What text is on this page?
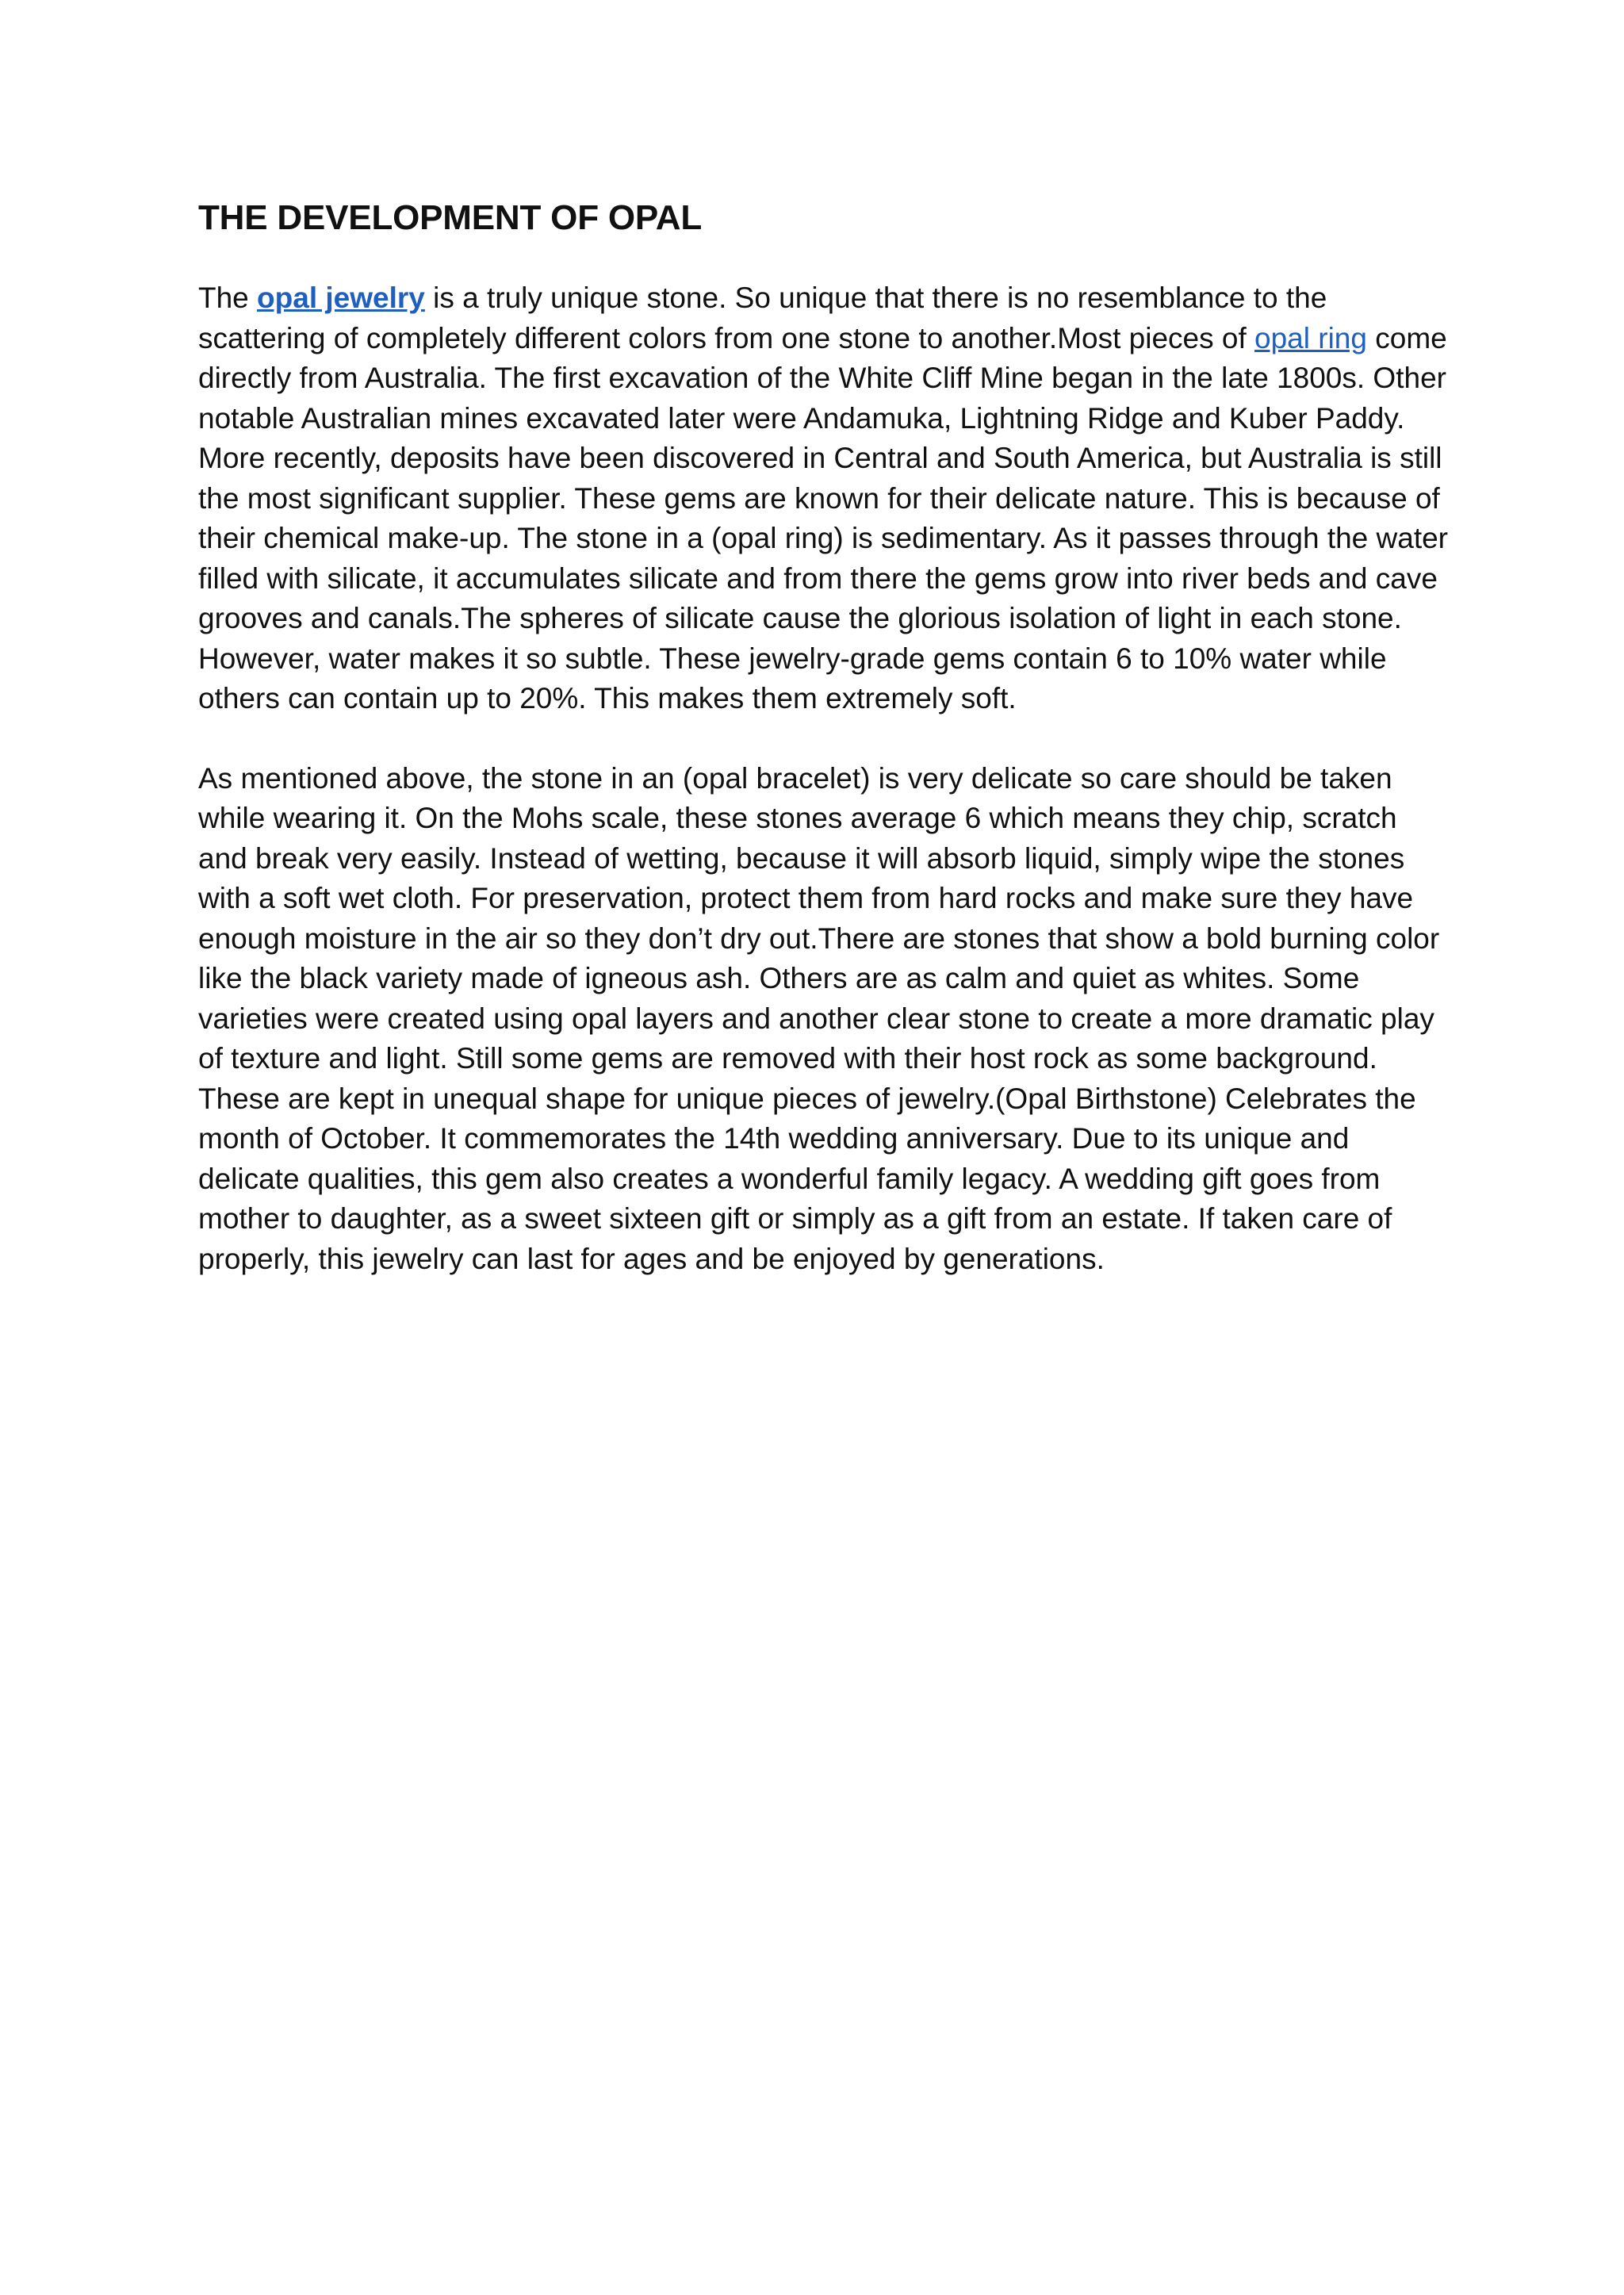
THE DEVELOPMENT OF OPAL

The opal jewelry is a truly unique stone. So unique that there is no resemblance to the scattering of completely different colors from one stone to another.Most pieces of opal ring come directly from Australia. The first excavation of the White Cliff Mine began in the late 1800s. Other notable Australian mines excavated later were Andamuka, Lightning Ridge and Kuber Paddy. More recently, deposits have been discovered in Central and South America, but Australia is still the most significant supplier. These gems are known for their delicate nature. This is because of their chemical make-up. The stone in a (opal ring) is sedimentary. As it passes through the water filled with silicate, it accumulates silicate and from there the gems grow into river beds and cave grooves and canals.The spheres of silicate cause the glorious isolation of light in each stone. However, water makes it so subtle. These jewelry-grade gems contain 6 to 10% water while others can contain up to 20%. This makes them extremely soft.

As mentioned above, the stone in an (opal bracelet) is very delicate so care should be taken while wearing it. On the Mohs scale, these stones average 6 which means they chip, scratch and break very easily. Instead of wetting, because it will absorb liquid, simply wipe the stones with a soft wet cloth. For preservation, protect them from hard rocks and make sure they have enough moisture in the air so they don’t dry out.There are stones that show a bold burning color like the black variety made of igneous ash. Others are as calm and quiet as whites. Some varieties were created using opal layers and another clear stone to create a more dramatic play of texture and light. Still some gems are removed with their host rock as some background. These are kept in unequal shape for unique pieces of jewelry.(Opal Birthstone) Celebrates the month of October. It commemorates the 14th wedding anniversary. Due to its unique and delicate qualities, this gem also creates a wonderful family legacy. A wedding gift goes from mother to daughter, as a sweet sixteen gift or simply as a gift from an estate. If taken care of properly, this jewelry can last for ages and be enjoyed by generations.
